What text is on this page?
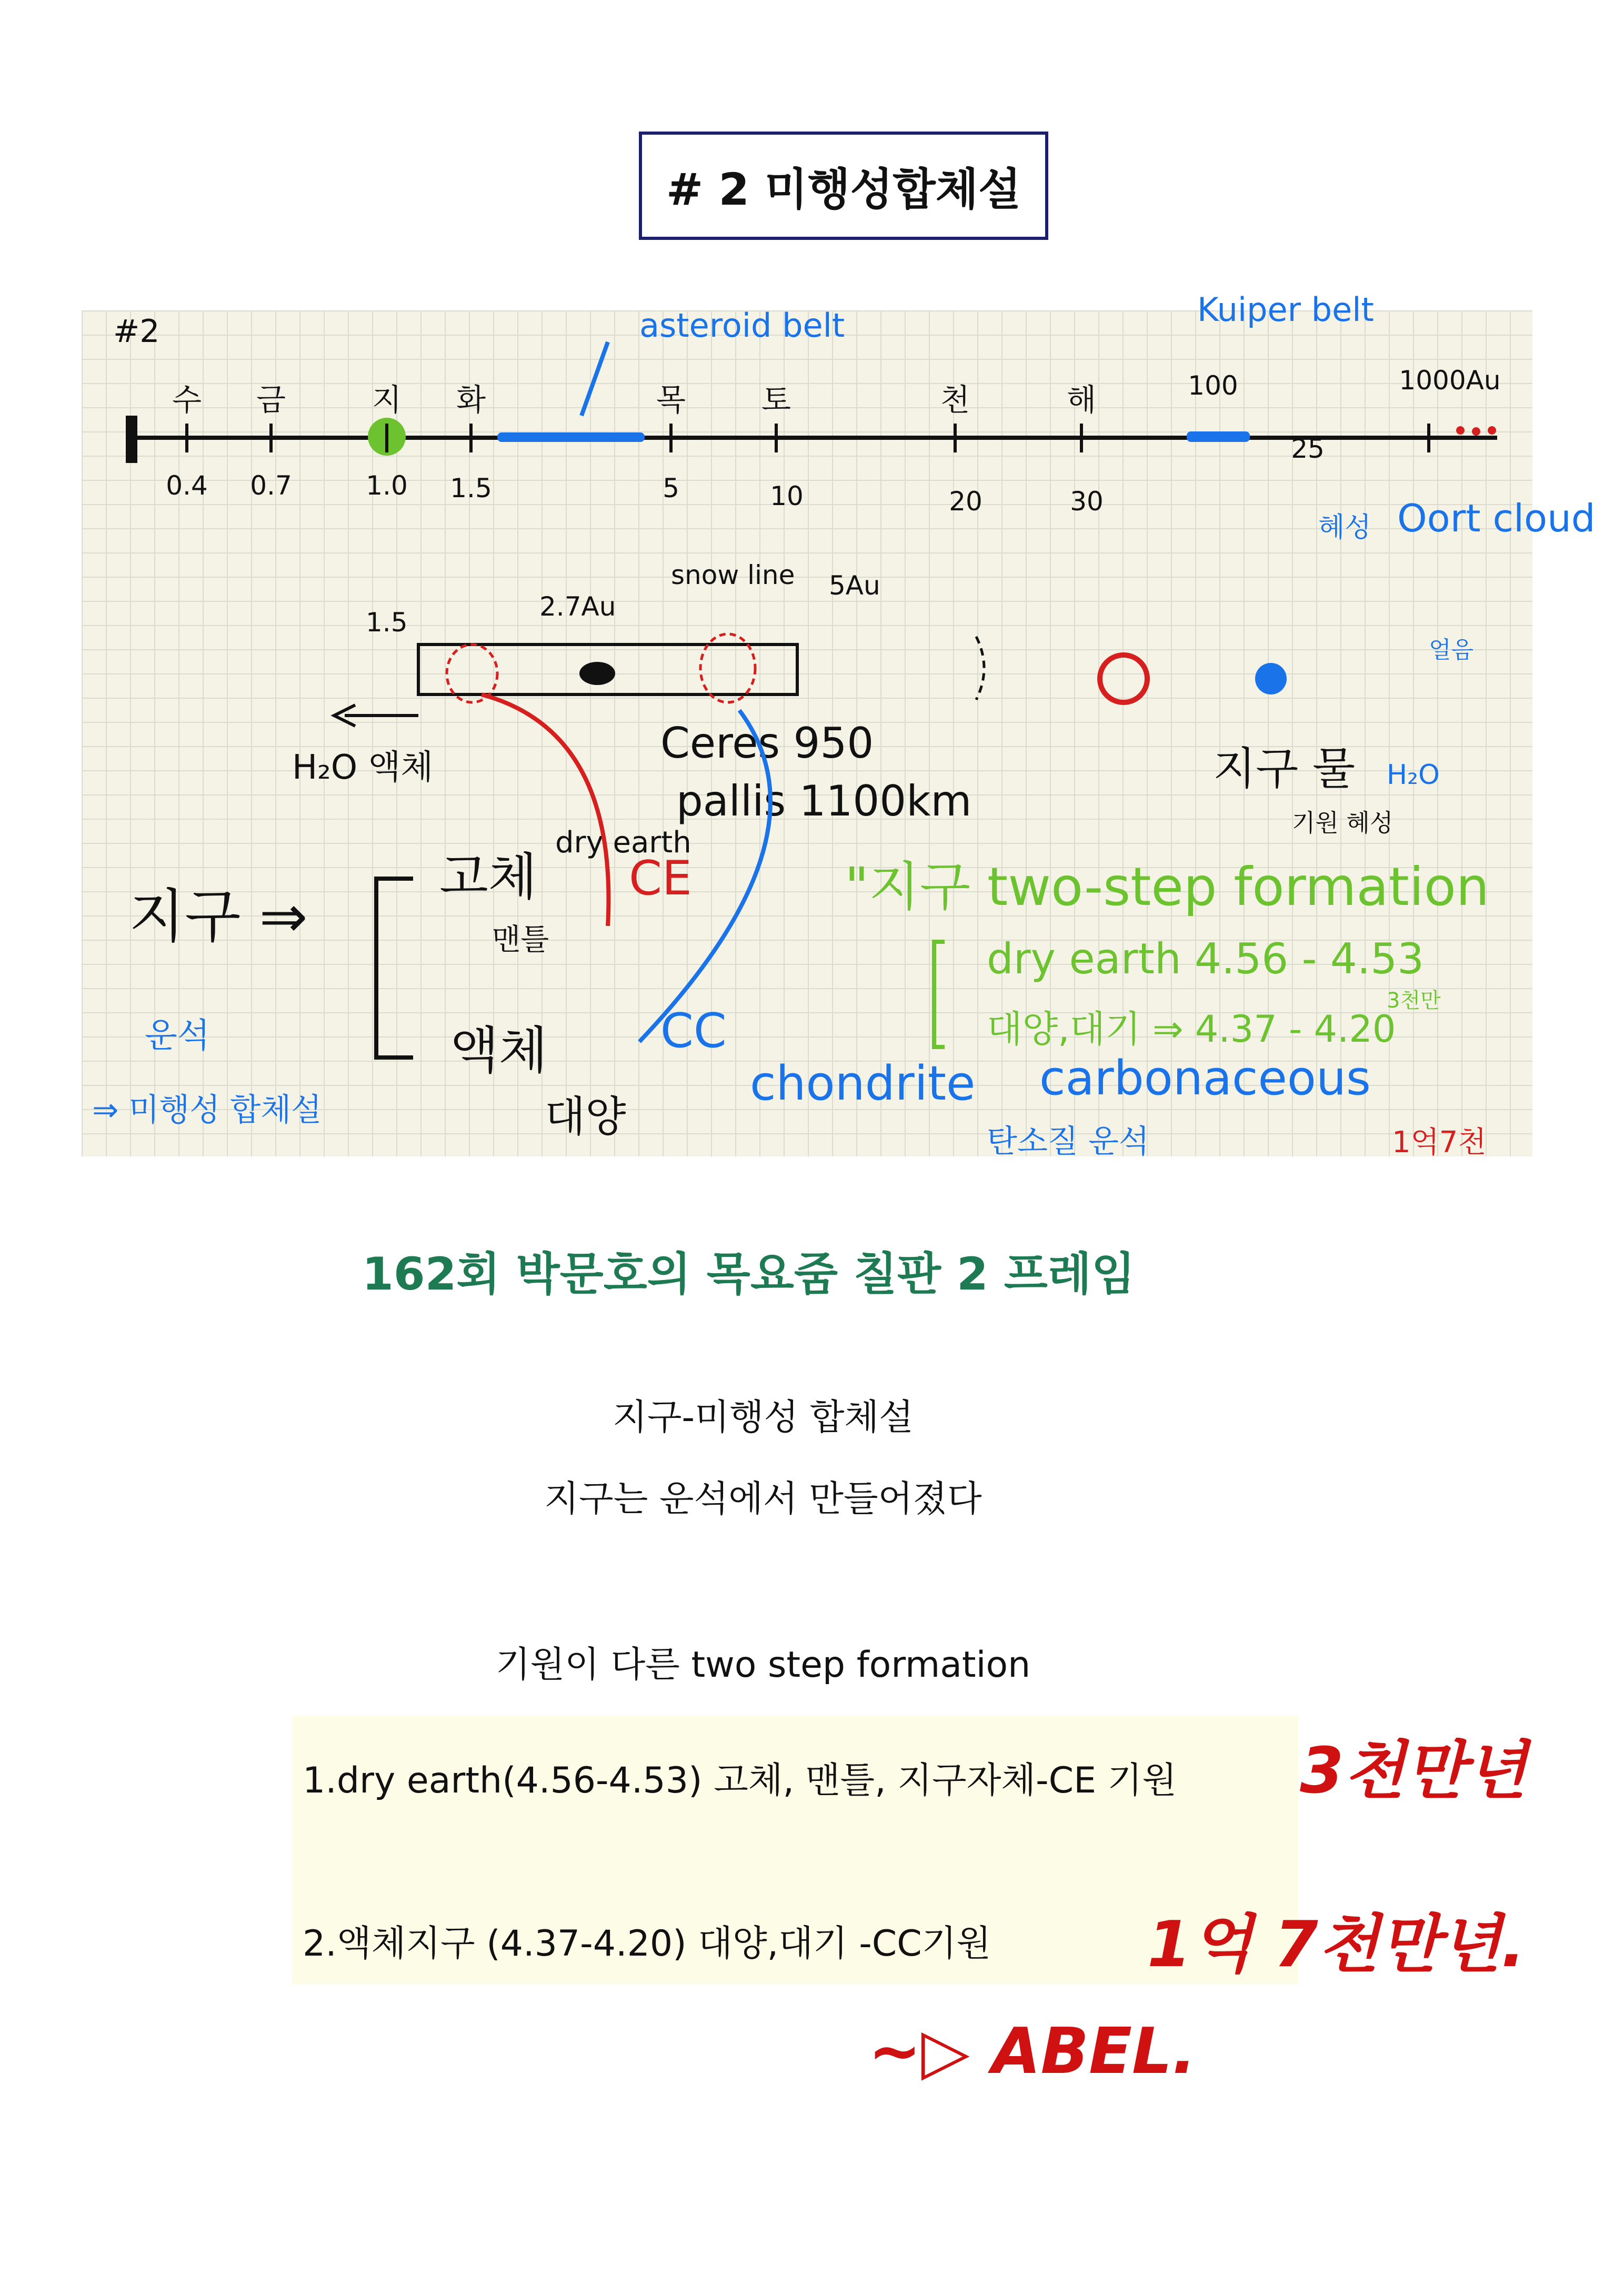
# 2 미행성합체설
수 금	지 화	목 토	천	해
0.4 0.7	1.0 1.5	5	10	20	30
100
25
1000Au
#2	asteroid belt	Kuiper belt
혜성 Oort cloud
얼음
1.5
2.7Au
snow line 5Au
H₂O 액체	Ceres 950
pallis 1100km
dry earth
지구 물
기원 혜성
H₂O
지구 ⇒
고체
맨틀
액체
대양
운석
⇒ 미행성 합체설	chondrite carbonaceous
탄소질 운석
CC
CE	"지구 two-step formation
dry earth 4.56 - 4.53
대양,대기 ⇒ 4.37 - 4.20
3천만
1억7천
162회 박문호의 목요줌 칠판 2 프레임
지구-미행성 합체설
지구는 운석에서 만들어졌다
기원이 다른 two step formation
1.dry earth(4.56-4.53) 고체, 맨틀, 지구자체-CE 기원
2.액체지구 (4.37-4.20) 대양,대기 -CC기원
3천만년
1억 7천만년.
~▷ ABEL.
